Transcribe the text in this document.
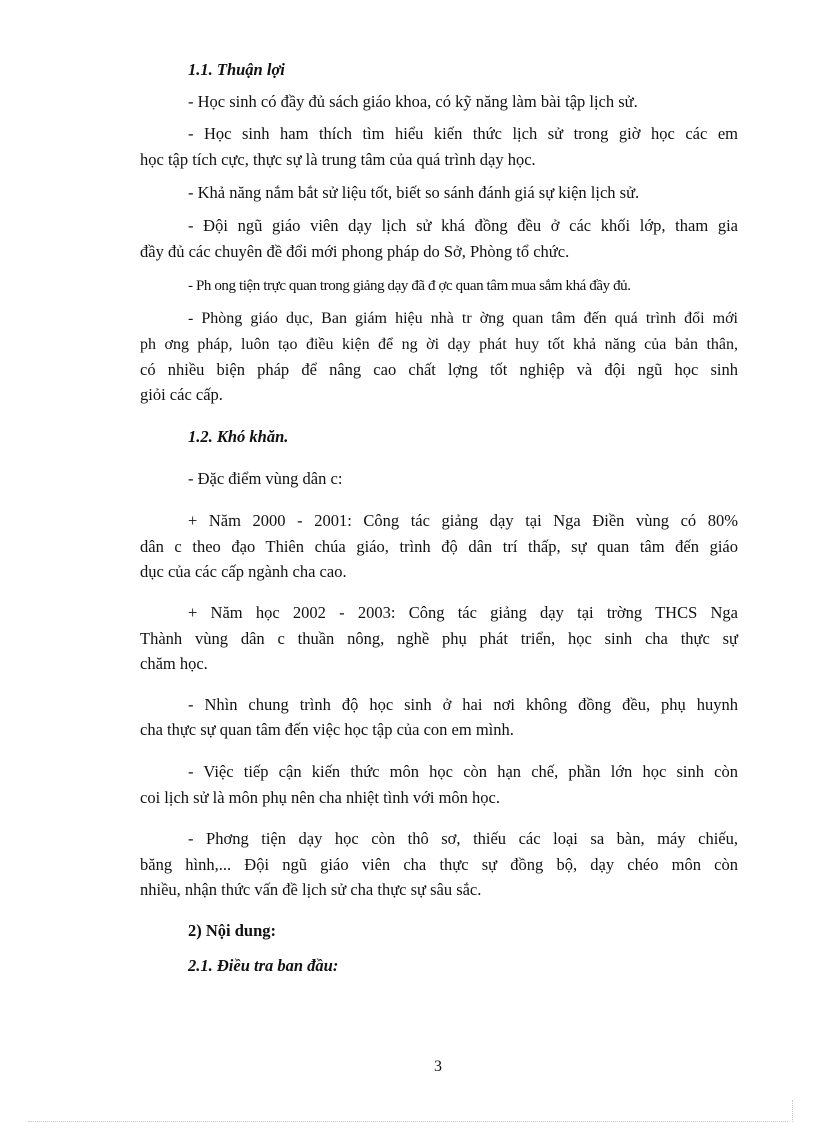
1.1. Thuận lợi
- Học sinh có đầy đủ sách giáo khoa, có kỹ năng làm bài tập lịch sử.
- Học sinh ham thích tìm hiểu kiến thức lịch sử trong giờ học các em
học tập tích cực, thực sự là trung tâm của quá trình dạy học.
- Khả năng nắm bắt sử liệu tốt, biết so sánh đánh giá sự kiện lịch sử.
- Đội ngũ giáo viên dạy lịch sử khá đồng đều ở các khối lớp, tham gia
đầy đủ các chuyên đề đổi mới phong pháp do Sở, Phòng tổ chức.
- Ph ong tiện trực quan trong giảng dạy đã đ ợc quan tâm mua sắm khá đầy đủ.
- Phòng giáo dục, Ban giám hiệu nhà tr ờng quan tâm đến quá trình đổi mới
ph ơng pháp, luôn tạo điều kiện để ng ời dạy phát huy tốt khả năng của bản thân,
có nhiều biện pháp để nâng cao chất lợng tốt nghiệp và đội ngũ học sinh
giỏi các cấp.
1.2. Khó khăn.
- Đặc điểm vùng dân c:
+ Năm 2000 - 2001: Công tác giảng dạy tại Nga Điền vùng có 80%
dân c theo đạo Thiên chúa giáo, trình độ dân trí thấp, sự quan tâm đến giáo
dục của các cấp ngành cha cao.
+ Năm học 2002 - 2003: Công tác giảng dạy tại trờng THCS Nga
Thành vùng dân c thuần nông, nghề phụ phát triển, học sinh cha thực sự
chăm học.
- Nhìn chung trình độ học sinh ở hai nơi không đồng đều, phụ huynh
cha thực sự quan tâm đến việc học tập của con em mình.
- Việc tiếp cận kiến thức môn học còn hạn chế, phần lớn học sinh còn
coi lịch sử là môn phụ nên cha nhiệt tình với môn học.
- Phơng tiện dạy học còn thô sơ, thiếu các loại sa bàn, máy chiếu,
băng hình,... Đội ngũ giáo viên cha thực sự đồng bộ, dạy chéo môn còn
nhiều, nhận thức vấn đề lịch sử cha thực sự sâu sắc.
2) Nội dung:
2.1. Điều tra ban đầu:
3
